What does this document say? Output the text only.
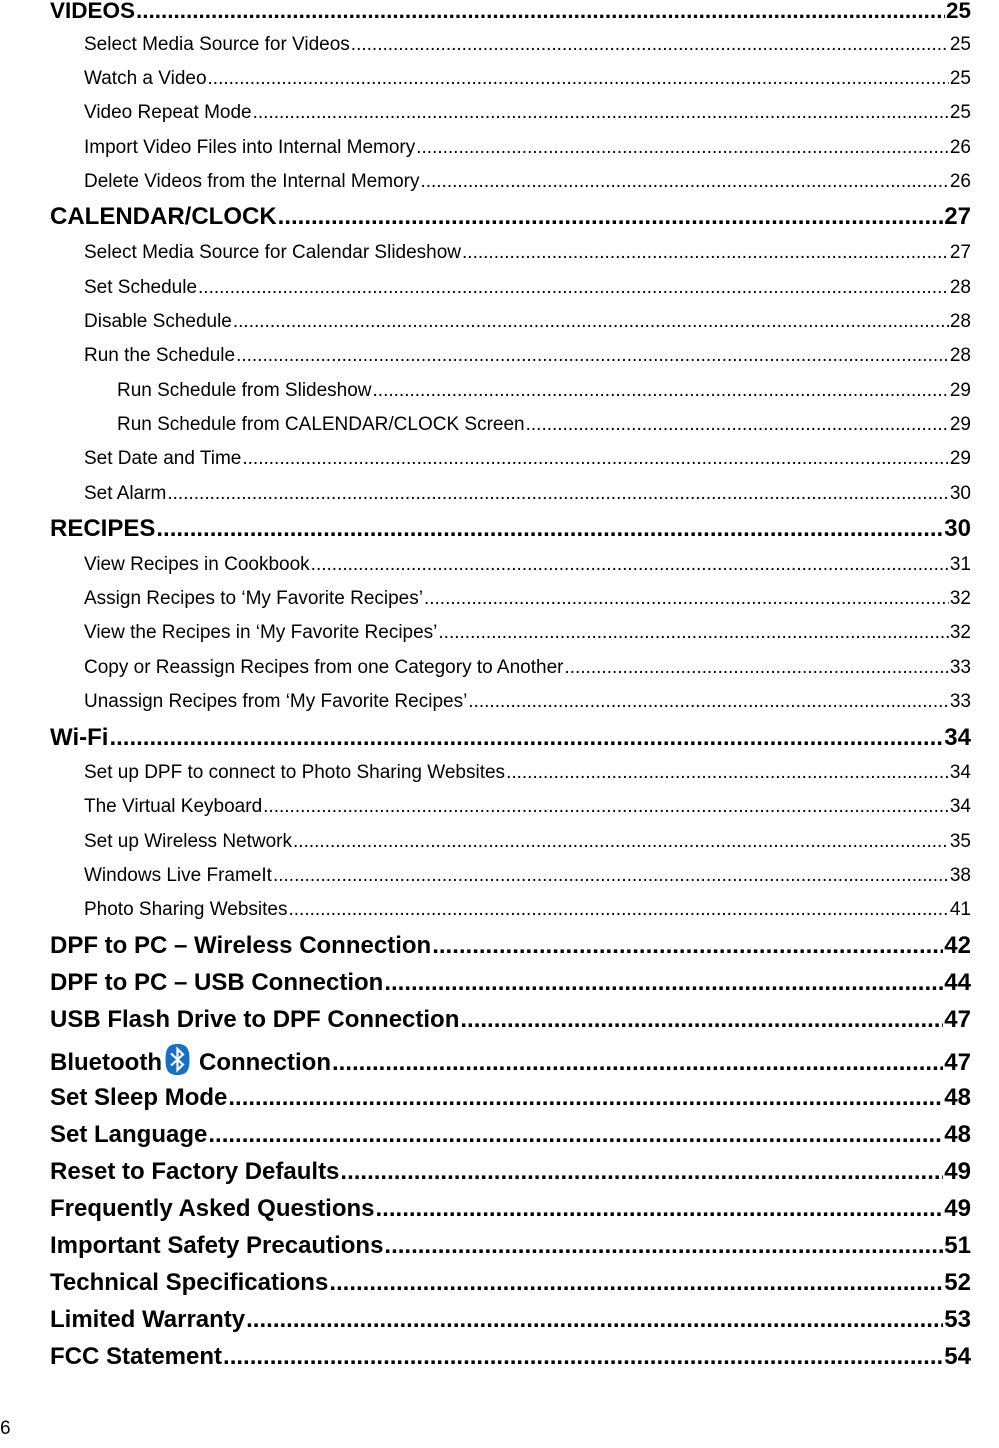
VIDEOS .....	25
Select Media Source for Videos .....	25
Watch a Video .....	25
Video Repeat Mode .....	25
Import Video Files into Internal Memory .....	26
Delete Videos from the Internal Memory .....	26
CALENDAR/CLOCK .....	27
Select Media Source for Calendar Slideshow .....	27
Set Schedule .....	28
Disable Schedule .....	28
Run the Schedule .....	28
Run Schedule from Slideshow .....	29
Run Schedule from CALENDAR/CLOCK Screen .....	29
Set Date and Time .....	29
Set Alarm .....	30
RECIPES .....	30
View Recipes in Cookbook .....	31
Assign Recipes to ‘My Favorite Recipes’ .....	32
View the Recipes in ‘My Favorite Recipes’ .....	32
Copy or Reassign Recipes from one Category to Another .....	33
Unassign Recipes from ‘My Favorite Recipes’ .....	33
Wi-Fi .....	34
Set up DPF to connect to Photo Sharing Websites .....	34
The Virtual Keyboard .....	34
Set up Wireless Network .....	35
Windows Live FrameIt .....	38
Photo Sharing Websites .....	41
DPF to PC – Wireless Connection .....	42
DPF to PC – USB Connection .....	44
USB Flash Drive to DPF Connection .....	47
Bluetooth Connection .....	47
Set Sleep Mode .....	48
Set Language .....	48
Reset to Factory Defaults .....	49
Frequently Asked Questions .....	49
Important Safety Precautions .....	51
Technical Specifications .....	52
Limited Warranty .....	53
FCC Statement .....	54
6
